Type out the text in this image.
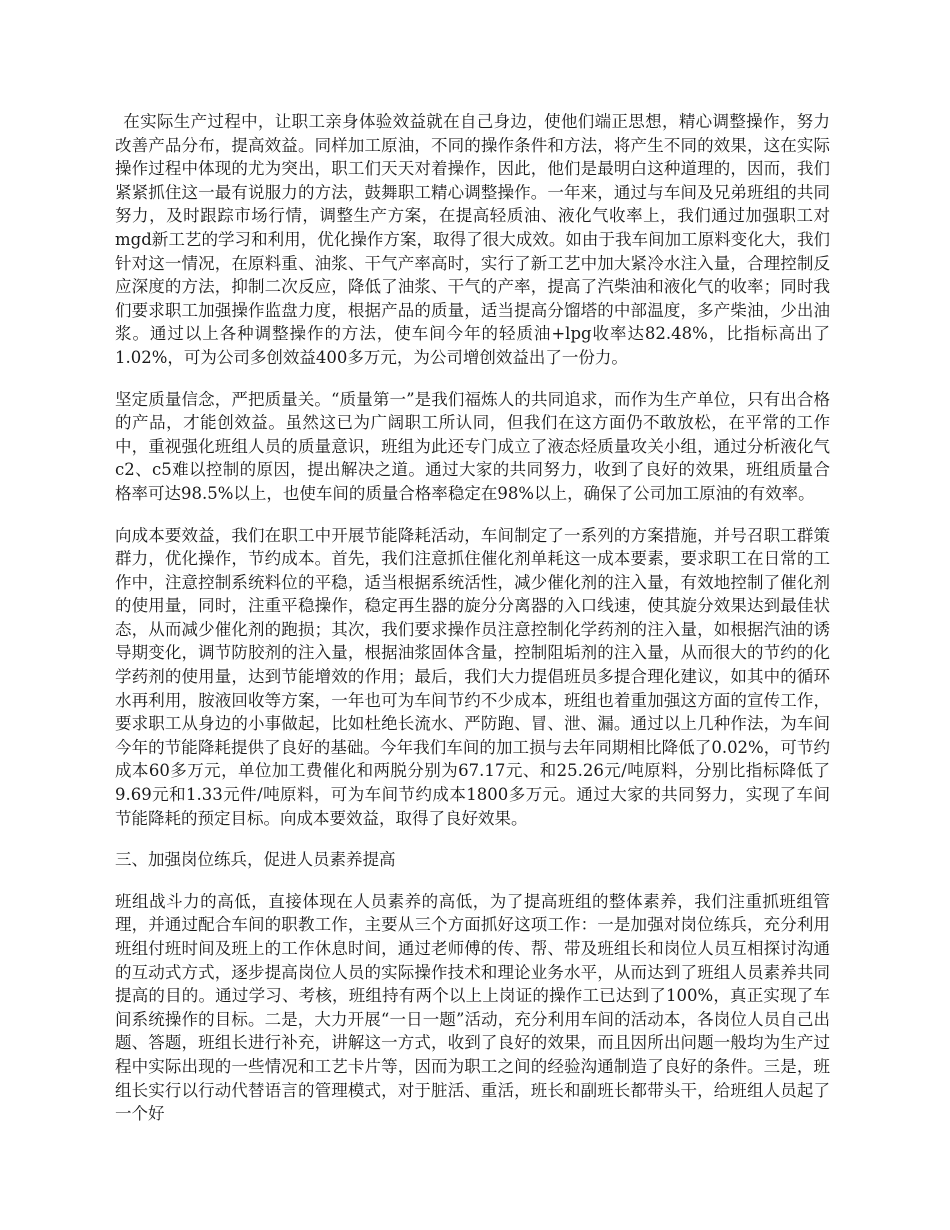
在实际生产过程中，让职工亲身体验效益就在自己身边，使他们端正思想，精心调整操作，努力改善产品分布，提高效益。同样加工原油，不同的操作条件和方法，将产生不同的效果，这在实际操作过程中体现的尤为突出，职工们天天对着操作，因此，他们是最明白这种道理的，因而，我们紧紧抓住这一最有说服力的方法，鼓舞职工精心调整操作。一年来，通过与车间及兄弟班组的共同努力，及时跟踪市场行情，调整生产方案，在提高轻质油、液化气收率上，我们通过加强职工对mgd新工艺的学习和利用，优化操作方案，取得了很大成效。如由于我车间加工原料变化大，我们针对这一情况，在原料重、油浆、干气产率高时，实行了新工艺中加大紧冷水注入量，合理控制反应深度的方法，抑制二次反应，降低了油浆、干气的产率，提高了汽柴油和液化气的收率；同时我们要求职工加强操作监盘力度，根据产品的质量，适当提高分馏塔的中部温度，多产柴油，少出油浆。通过以上各种调整操作的方法，使车间今年的轻质油+lpg收率达82.48%，比指标高出了1.02%，可为公司多创效益400多万元，为公司增创效益出了一份力。

坚定质量信念，严把质量关。“质量第一”是我们福炼人的共同追求，而作为生产单位，只有出合格的产品，才能创效益。虽然这已为广阔职工所认同，但我们在这方面仍不敢放松，在平常的工作中，重视强化班组人员的质量意识，班组为此还专门成立了液态烃质量攻关小组，通过分析液化气c2、c5难以控制的原因，提出解决之道。通过大家的共同努力，收到了良好的效果，班组质量合格率可达98.5%以上，也使车间的质量合格率稳定在98%以上，确保了公司加工原油的有效率。

向成本要效益，我们在职工中开展节能降耗活动，车间制定了一系列的方案措施，并号召职工群策群力，优化操作，节约成本。首先，我们注意抓住催化剂单耗这一成本要素，要求职工在日常的工作中，注意控制系统料位的平稳，适当根据系统活性，减少催化剂的注入量，有效地控制了催化剂的使用量，同时，注重平稳操作，稳定再生器的旋分分离器的入口线速，使其旋分效果达到最佳状态，从而减少催化剂的跑损；其次，我们要求操作员注意控制化学药剂的注入量，如根据汽油的诱导期变化，调节防胶剂的注入量，根据油浆固体含量，控制阻垢剂的注入量，从而很大的节约的化学药剂的使用量，达到节能增效的作用；最后，我们大力提倡班员多提合理化建议，如其中的循环水再利用，胺液回收等方案，一年也可为车间节约不少成本，班组也着重加强这方面的宣传工作，要求职工从身边的小事做起，比如杜绝长流水、严防跑、冒、泄、漏。通过以上几种作法，为车间今年的节能降耗提供了良好的基础。今年我们车间的加工损与去年同期相比降低了0.02%，可节约成本60多万元，单位加工费催化和两脱分别为67.17元、和25.26元/吨原料，分别比指标降低了9.69元和1.33元件/吨原料，可为车间节约成本1800多万元。通过大家的共同努力，实现了车间节能降耗的预定目标。向成本要效益，取得了良好效果。

三、加强岗位练兵，促进人员素养提高

班组战斗力的高低，直接体现在人员素养的高低，为了提高班组的整体素养，我们注重抓班组管理，并通过配合车间的职教工作，主要从三个方面抓好这项工作：一是加强对岗位练兵，充分利用班组付班时间及班上的工作休息时间，通过老师傅的传、帮、带及班组长和岗位人员互相探讨沟通的互动式方式，逐步提高岗位人员的实际操作技术和理论业务水平，从而达到了班组人员素养共同提高的目的。通过学习、考核，班组持有两个以上上岗证的操作工已达到了100%，真正实现了车间系统操作的目标。二是，大力开展“一日一题”活动，充分利用车间的活动本，各岗位人员自己出题、答题，班组长进行补充，讲解这一方式，收到了良好的效果，而且因所出问题一般均为生产过程中实际出现的一些情况和工艺卡片等，因而为职工之间的经验沟通制造了良好的条件。三是，班组长实行以行动代替语言的管理模式，对于脏活、重活，班长和副班长都带头干，给班组人员起了一个好
